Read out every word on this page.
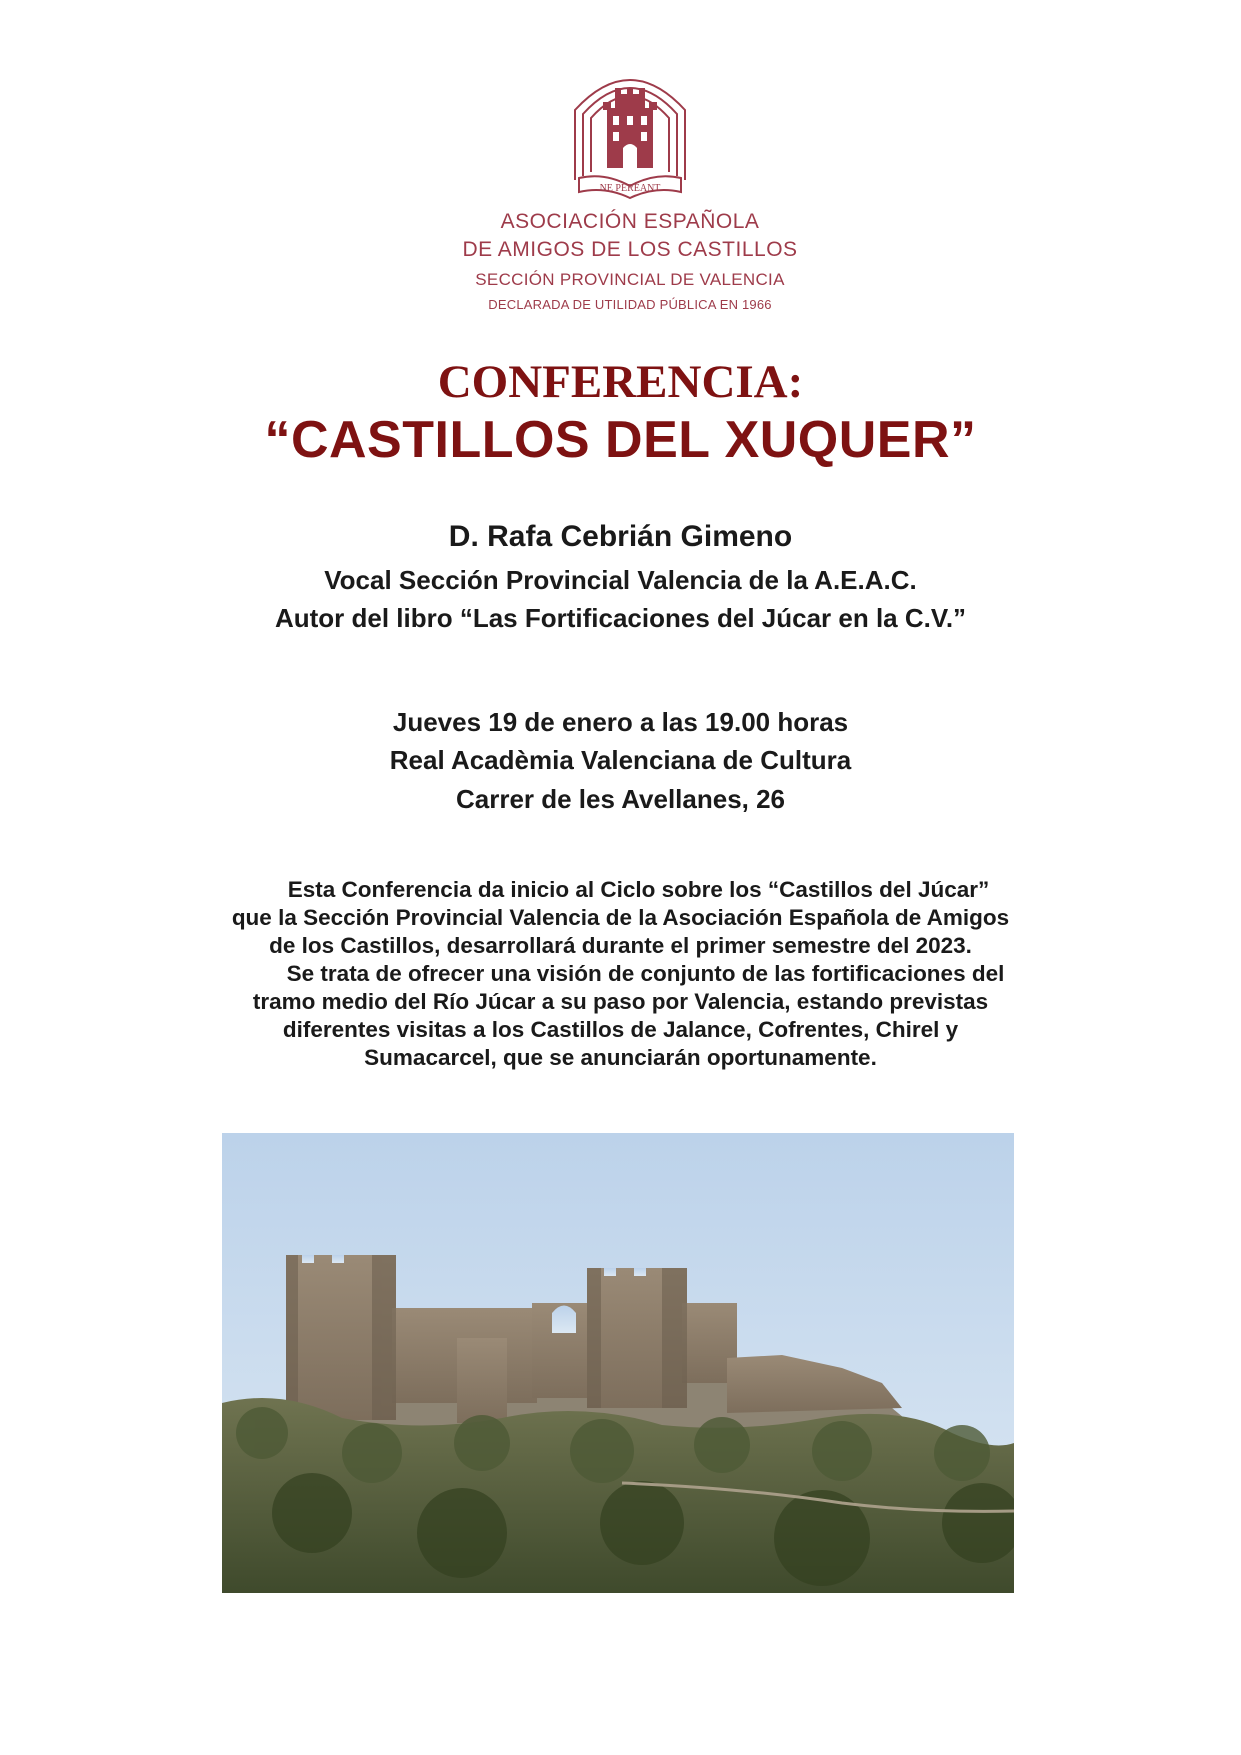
NE PEREANT
ASOCIACIÓN ESPAÑOLA
DE AMIGOS DE LOS CASTILLOS
SECCIÓN PROVINCIAL DE VALENCIA
DECLARADA DE UTILIDAD PÚBLICA EN 1966
CONFERENCIA:
“CASTILLOS DEL XUQUER”
D. Rafa Cebrián Gimeno
Vocal Sección Provincial Valencia de la A.E.A.C.
Autor del libro “Las Fortificaciones del Júcar en la C.V.”
Jueves 19 de enero a las 19.00 horas
Real Acadèmia Valenciana de Cultura
Carrer de les Avellanes, 26
Esta Conferencia da inicio al Ciclo sobre los “Castillos del Júcar”
que la Sección Provincial Valencia de la Asociación Española de Amigos
de los Castillos, desarrollará durante el primer semestre del 2023.
Se trata de ofrecer una visión de conjunto de las fortificaciones del
tramo medio del Río Júcar a su paso por Valencia, estando previstas
diferentes visitas a los Castillos de Jalance, Cofrentes, Chirel y
Sumacarcel, que se anunciarán oportunamente.
